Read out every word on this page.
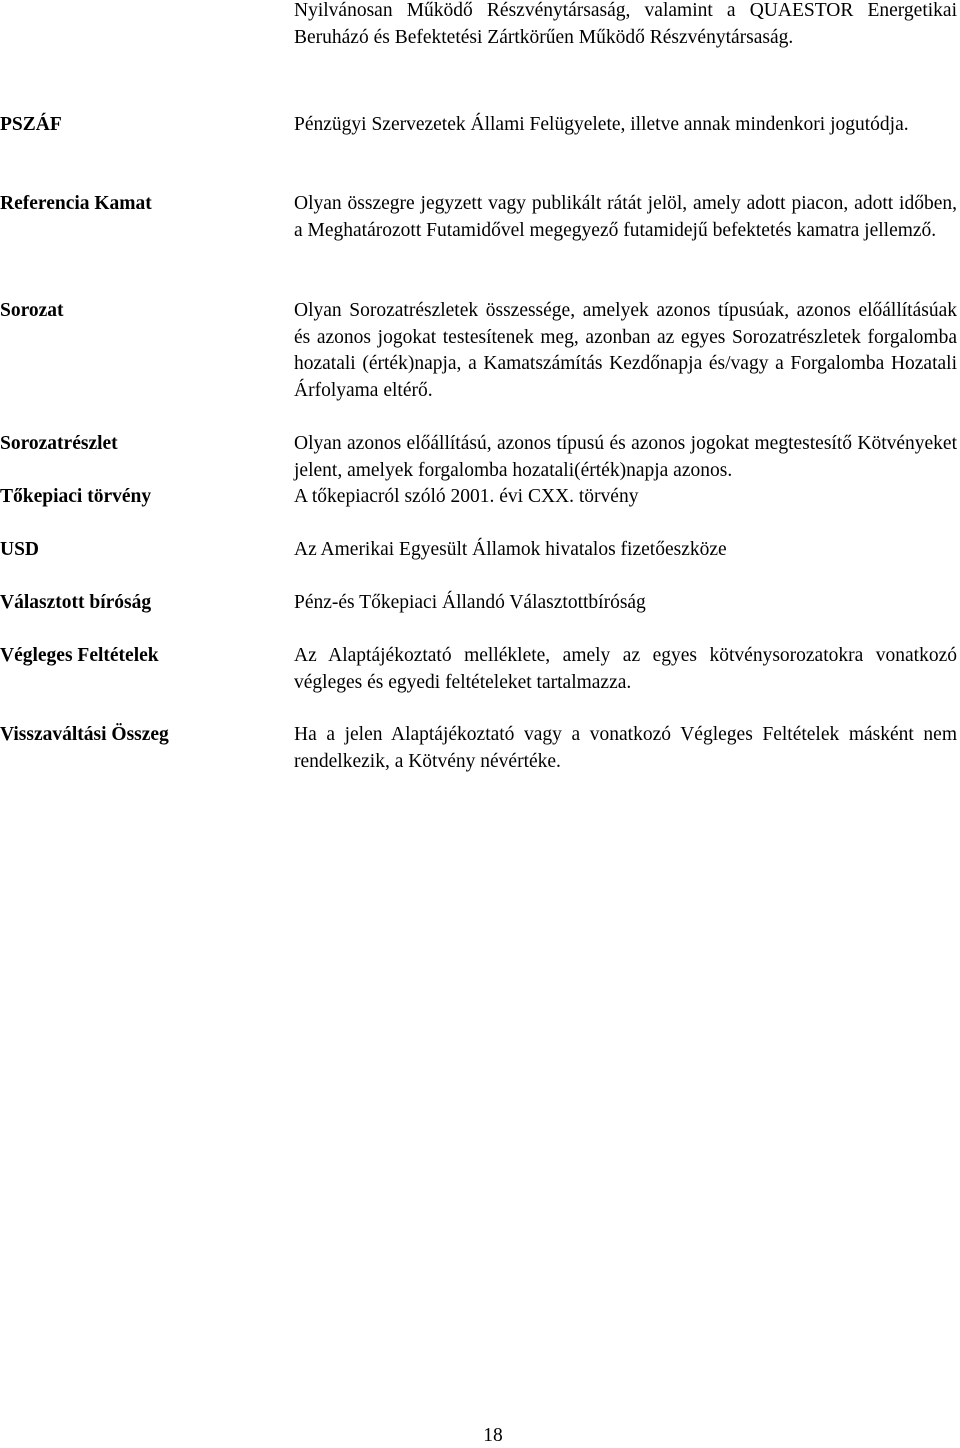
Nyilvánosan Működő Részvénytársaság, valamint a QUAESTOR Energetikai Beruházó és Befektetési Zártkörűen Működő Részvénytársaság.
PSZÁF	Pénzügyi Szervezetek Állami Felügyelete, illetve annak mindenkori jogutódja.
Referencia Kamat	Olyan összegre jegyzett vagy publikált rátát jelöl, amely adott piacon, adott időben, a Meghatározott Futamidővel megegyező futamidejű befektetés kamatra jellemző.
Sorozat	Olyan Sorozatrészletek összessége, amelyek azonos típusúak, azonos előállításúak és azonos jogokat testesítenek meg, azonban az egyes Sorozatrészletek forgalomba hozatali (érték)napja, a Kamatszámítás Kezdőnapja és/vagy a Forgalomba Hozatali Árfolyama eltérő.
Sorozatrészlet	Olyan azonos előállítású, azonos típusú és azonos jogokat megtestesítő Kötvényeket jelent, amelyek forgalomba hozatali(érték)napja azonos.
Tőkepiaci törvény	A tőkepiacról szóló 2001. évi CXX. törvény
USD	Az Amerikai Egyesült Államok hivatalos fizetőeszköze
Választott bíróság	Pénz-és Tőkepiaci Állandó Választottbíróság
Végleges Feltételek	Az Alaptájékoztató melléklete, amely az egyes kötvénysorozatokra vonatkozó végleges és egyedi feltételeket tartalmazza.
Visszaváltási Összeg	Ha a jelen Alaptájékoztató vagy a vonatkozó Végleges Feltételek másként nem rendelkezik, a Kötvény névértéke.
18
